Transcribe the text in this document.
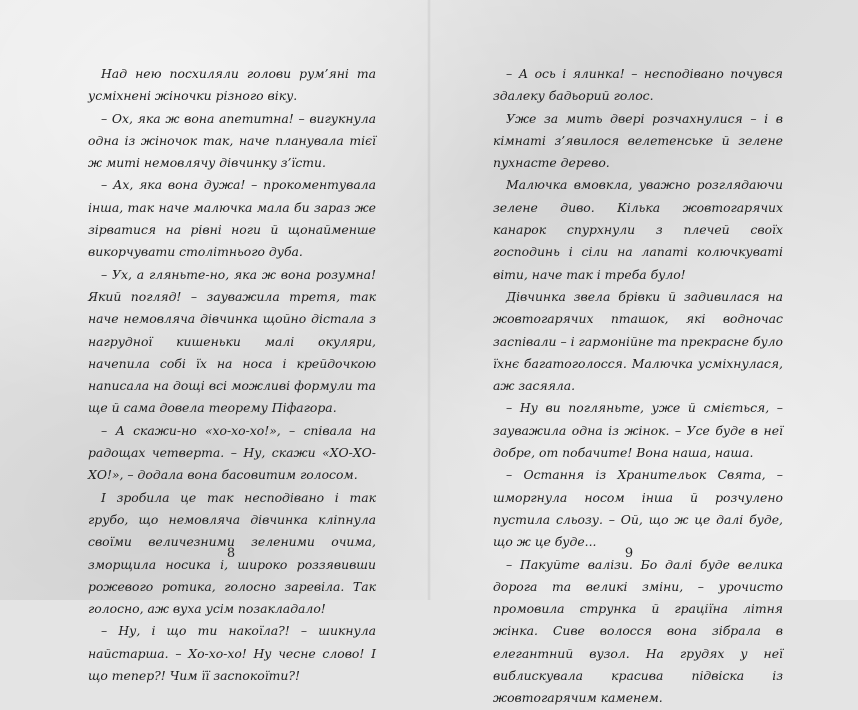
Над нею посхиляли голови рум’яні та усміхнені жіночки різного віку.

– Ох, яка ж вона апетитна! – вигукнула одна із жіночок так, наче планувала тієї ж миті немовлячу дівчинку з’їсти.

– Ах, яка вона дужа! – прокоментувала інша, так наче малючка мала би зараз же зірватися на рівні ноги й щонайменше викорчувати столітнього дуба.

– Ух, а гляньте-но, яка ж вона розумна! Який погляд! – зауважила третя, так наче немовляча дівчинка щойно дістала з нагрудної кишеньки малі окуляри, начепила собі їх на носа і крейдочкою написала на дощі всі можливі формули та ще й сама довела теорему Піфагора.

– А скажи-но «хо-хо-хо!», – співала на радощах четверта. – Ну, скажи «ХО-ХО-ХО!», – додала вона басовитим голосом.

І зробила це так несподівано і так грубо, що немовляча дівчинка кліпнула своїми величезними зеленими очима, зморщила носика і, широко роззявивши рожевого ротика, голосно заревіла. Так голосно, аж вуха усім позакладало!

– Ну, і що ти накоїла?! – шикнула найстарша. – Хо-хо-хо! Ну чесне слово! І що тепер?! Чим її заспокоїти?!

8

– А ось і ялинка! – несподівано почувся здалеку бадьорий голос.

Уже за мить двері розчахнулися – і в кімнаті з’явилося велетенське й зелене пухнасте дерево.

Малючка вмовкла, уважно розглядаючи зелене диво. Кілька жовтогарячих канарок спурхнули з плечей своїх господинь і сіли на лапаті колючкуваті віти, наче так і треба було!

Дівчинка звела брівки й задивилася на жовтогарячих пташок, які водночас заспівали – і гармонійне та прекрасне було їхнє багатоголосся. Малючка усміхнулася, аж засяяла.

– Ну ви погляньте, уже й сміється, – зауважила одна із жінок. – Усе буде в неї добре, от побачите! Вона наша, наша.

– Остання із Хранительок Свята, – шморгнула носом інша й розчулено пустила сльозу. – Ой, що ж це далі буде, що ж це буде...

– Пакуйте валізи. Бо далі буде велика дорога та великі зміни, – урочисто промовила струнка й граціїна літня жінка. Сиве волосся вона зібрала в елегантний вузол. На грудях у неї виблискувала красива підвіска із жовтогарячим каменем.

9
